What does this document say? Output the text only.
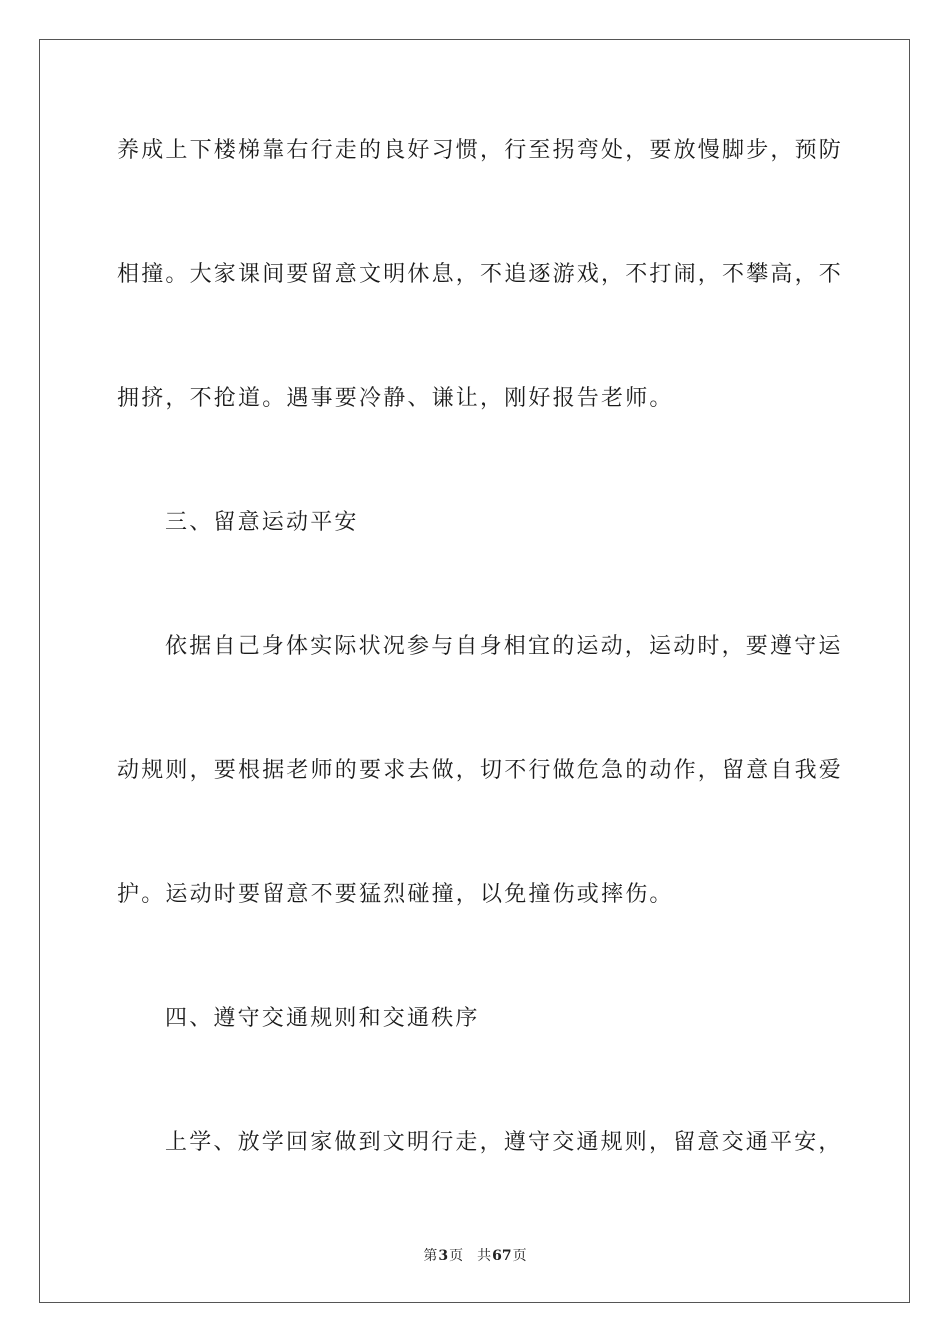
养成上下楼梯靠右行走的良好习惯，行至拐弯处，要放慢脚步，预防

相撞。大家课间要留意文明休息，不追逐游戏，不打闹，不攀高，不

拥挤，不抢道。遇事要冷静、谦让，刚好报告老师。

三、留意运动平安

依据自己身体实际状况参与自身相宜的运动，运动时，要遵守运

动规则，要根据老师的要求去做，切不行做危急的动作，留意自我爱

护。运动时要留意不要猛烈碰撞，以免撞伤或摔伤。

四、遵守交通规则和交通秩序

上学、放学回家做到文明行走，遵守交通规则，留意交通平安，

第3页 共67页
